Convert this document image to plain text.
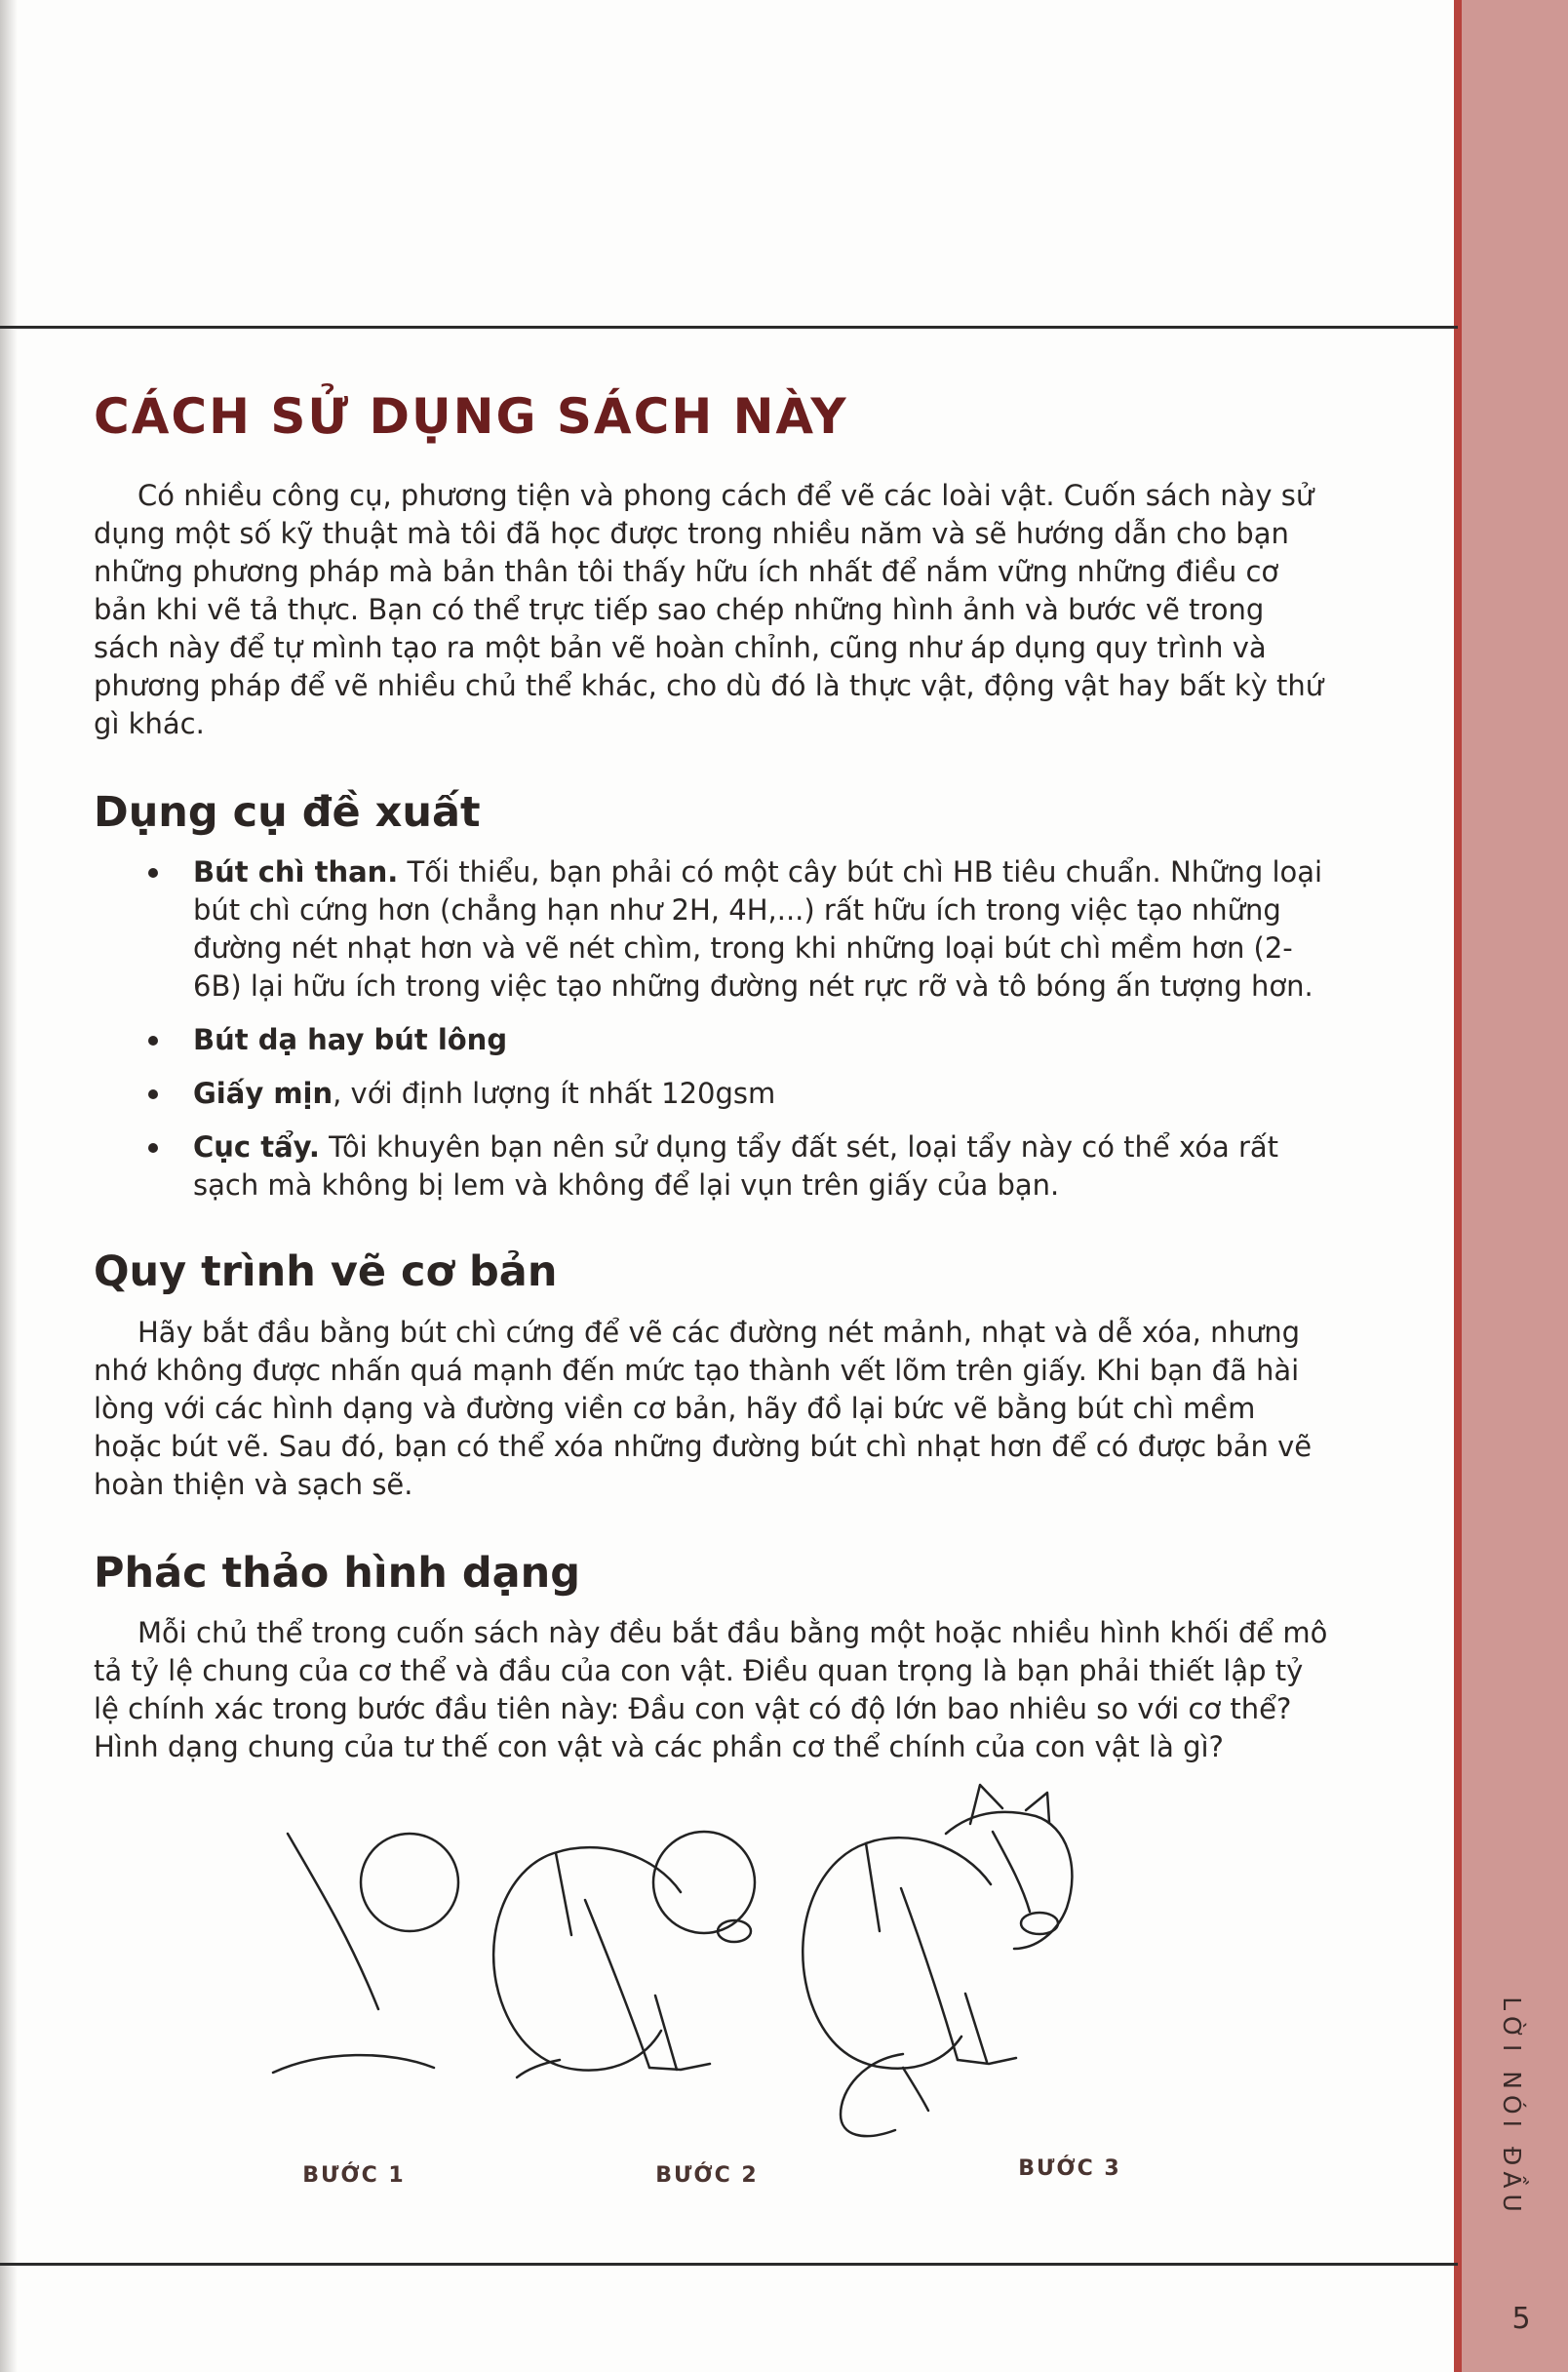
LỜI NÓI ĐẦU
5
CÁCH SỬ DỤNG SÁCH NÀY

Có nhiều công cụ, phương tiện và phong cách để vẽ các loài vật. Cuốn sách này sử dụng một số kỹ thuật mà tôi đã học được trong nhiều năm và sẽ hướng dẫn cho bạn những phương pháp mà bản thân tôi thấy hữu ích nhất để nắm vững những điều cơ bản khi vẽ tả thực. Bạn có thể trực tiếp sao chép những hình ảnh và bước vẽ trong sách này để tự mình tạo ra một bản vẽ hoàn chỉnh, cũng như áp dụng quy trình và phương pháp để vẽ nhiều chủ thể khác, cho dù đó là thực vật, động vật hay bất kỳ thứ gì khác.

Dụng cụ đề xuất
Bút chì than. Tối thiểu, bạn phải có một cây bút chì HB tiêu chuẩn. Những loại bút chì cứng hơn (chẳng hạn như 2H, 4H,...) rất hữu ích trong việc tạo những đường nét nhạt hơn và vẽ nét chìm, trong khi những loại bút chì mềm hơn (2-6B) lại hữu ích trong việc tạo những đường nét rực rỡ và tô bóng ấn tượng hơn.
Bút dạ hay bút lông
Giấy mịn, với định lượng ít nhất 120gsm
Cục tẩy. Tôi khuyên bạn nên sử dụng tẩy đất sét, loại tẩy này có thể xóa rất sạch mà không bị lem và không để lại vụn trên giấy của bạn.
Quy trình vẽ cơ bản

Hãy bắt đầu bằng bút chì cứng để vẽ các đường nét mảnh, nhạt và dễ xóa, nhưng nhớ không được nhấn quá mạnh đến mức tạo thành vết lõm trên giấy. Khi bạn đã hài lòng với các hình dạng và đường viền cơ bản, hãy đồ lại bức vẽ bằng bút chì mềm hoặc bút vẽ. Sau đó, bạn có thể xóa những đường bút chì nhạt hơn để có được bản vẽ hoàn thiện và sạch sẽ.

Phác thảo hình dạng

Mỗi chủ thể trong cuốn sách này đều bắt đầu bằng một hoặc nhiều hình khối để mô tả tỷ lệ chung của cơ thể và đầu của con vật. Điều quan trọng là bạn phải thiết lập tỷ lệ chính xác trong bước đầu tiên này: Đầu con vật có độ lớn bao nhiêu so với cơ thể? Hình dạng chung của tư thế con vật và các phần cơ thể chính của con vật là gì?

BƯỚC 1	BƯỚC 2	BƯỚC 3
